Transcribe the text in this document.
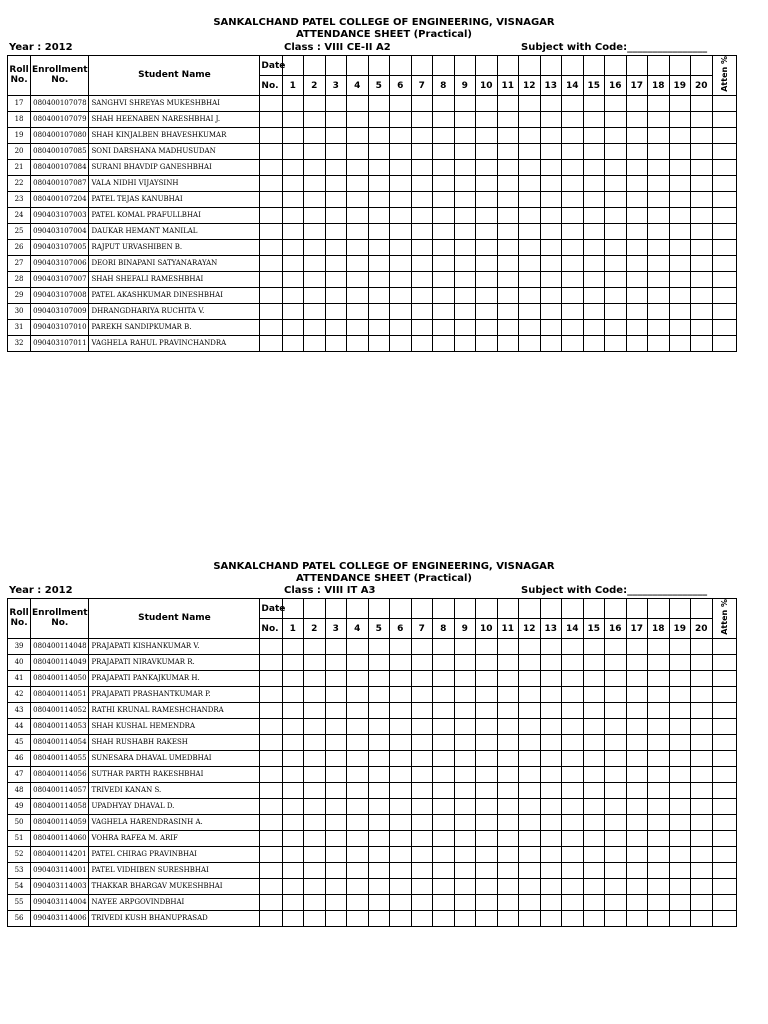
SANKALCHAND PATEL COLLEGE OF ENGINEERING, VISNAGAR
ATTENDANCE SHEET (Practical)
Year : 2012	Class : VIII CE-II A2	Subject with Code:________________
Roll No.	Enrollment No.	Student Name	Date																					Atten %
			No.	1	2	3	4	5	6	7	8	9	10	11	12	13	14	15	16	17	18	19	20	
17	080400107078	SANGHVI SHREYAS MUKESHBHAI																						
18	080400107079	SHAH HEENABEN NARESHBHAI J.																						
19	080400107080	SHAH KINJALBEN BHAVESHKUMAR																						
20	080400107085	SONI DARSHANA MADHUSUDAN																						
21	080400107084	SURANI BHAVDIP GANESHBHAI																						
22	080400107087	VALA NIDHI VIJAYSINH																						
23	080400107204	PATEL TEJAS KANUBHAI																						
24	090403107003	PATEL KOMAL PRAFULLBHAI																						
25	090403107004	DAUKAR HEMANT MANILAL																						
26	090403107005	RAJPUT URVASHIBEN B.																						
27	090403107006	DEORI BINAPANI SATYANARAYAN																						
28	090403107007	SHAH SHEFALI RAMESHBHAI																						
29	090403107008	PATEL AKASHKUMAR DINESHBHAI																						
30	090403107009	DHRANGDHARIYA RUCHITA V.																						
31	090403107010	PAREKH SANDIPKUMAR B.																						
32	090403107011	VAGHELA RAHUL PRAVINCHANDRA																						
SANKALCHAND PATEL COLLEGE OF ENGINEERING, VISNAGAR
ATTENDANCE SHEET (Practical)
Year : 2012	Class : VIII IT A3	Subject with Code:________________
Roll No.	Enrollment No.	Student Name	Date																					Atten %
			No.	1	2	3	4	5	6	7	8	9	10	11	12	13	14	15	16	17	18	19	20	
39	080400114048	PRAJAPATI KISHANKUMAR V.																						
40	080400114049	PRAJAPATI NIRAVKUMAR R.																						
41	080400114050	PRAJAPATI PANKAJKUMAR H.																						
42	080400114051	PRAJAPATI PRASHANTKUMAR P.																						
43	080400114052	RATHI KRUNAL RAMESHCHANDRA																						
44	080400114053	SHAH KUSHAL HEMENDRA																						
45	080400114054	SHAH RUSHABH RAKESH																						
46	080400114055	SUNESARA DHAVAL UMEDBHAI																						
47	080400114056	SUTHAR PARTH RAKESHBHAI																						
48	080400114057	TRIVEDI KANAN S.																						
49	080400114058	UPADHYAY DHAVAL D.																						
50	080400114059	VAGHELA HARENDRASINH A.																						
51	080400114060	VOHRA RAFEA M. ARIF																						
52	080400114201	PATEL CHIRAG PRAVINBHAI																						
53	090403114001	PATEL VIDHIBEN SURESHBHAI																						
54	090403114003	THAKKAR BHARGAV MUKESHBHAI																						
55	090403114004	NAYEE ARPGOVINDBHAI																						
56	090403114006	TRIVEDI KUSH BHANUPRASAD																						
